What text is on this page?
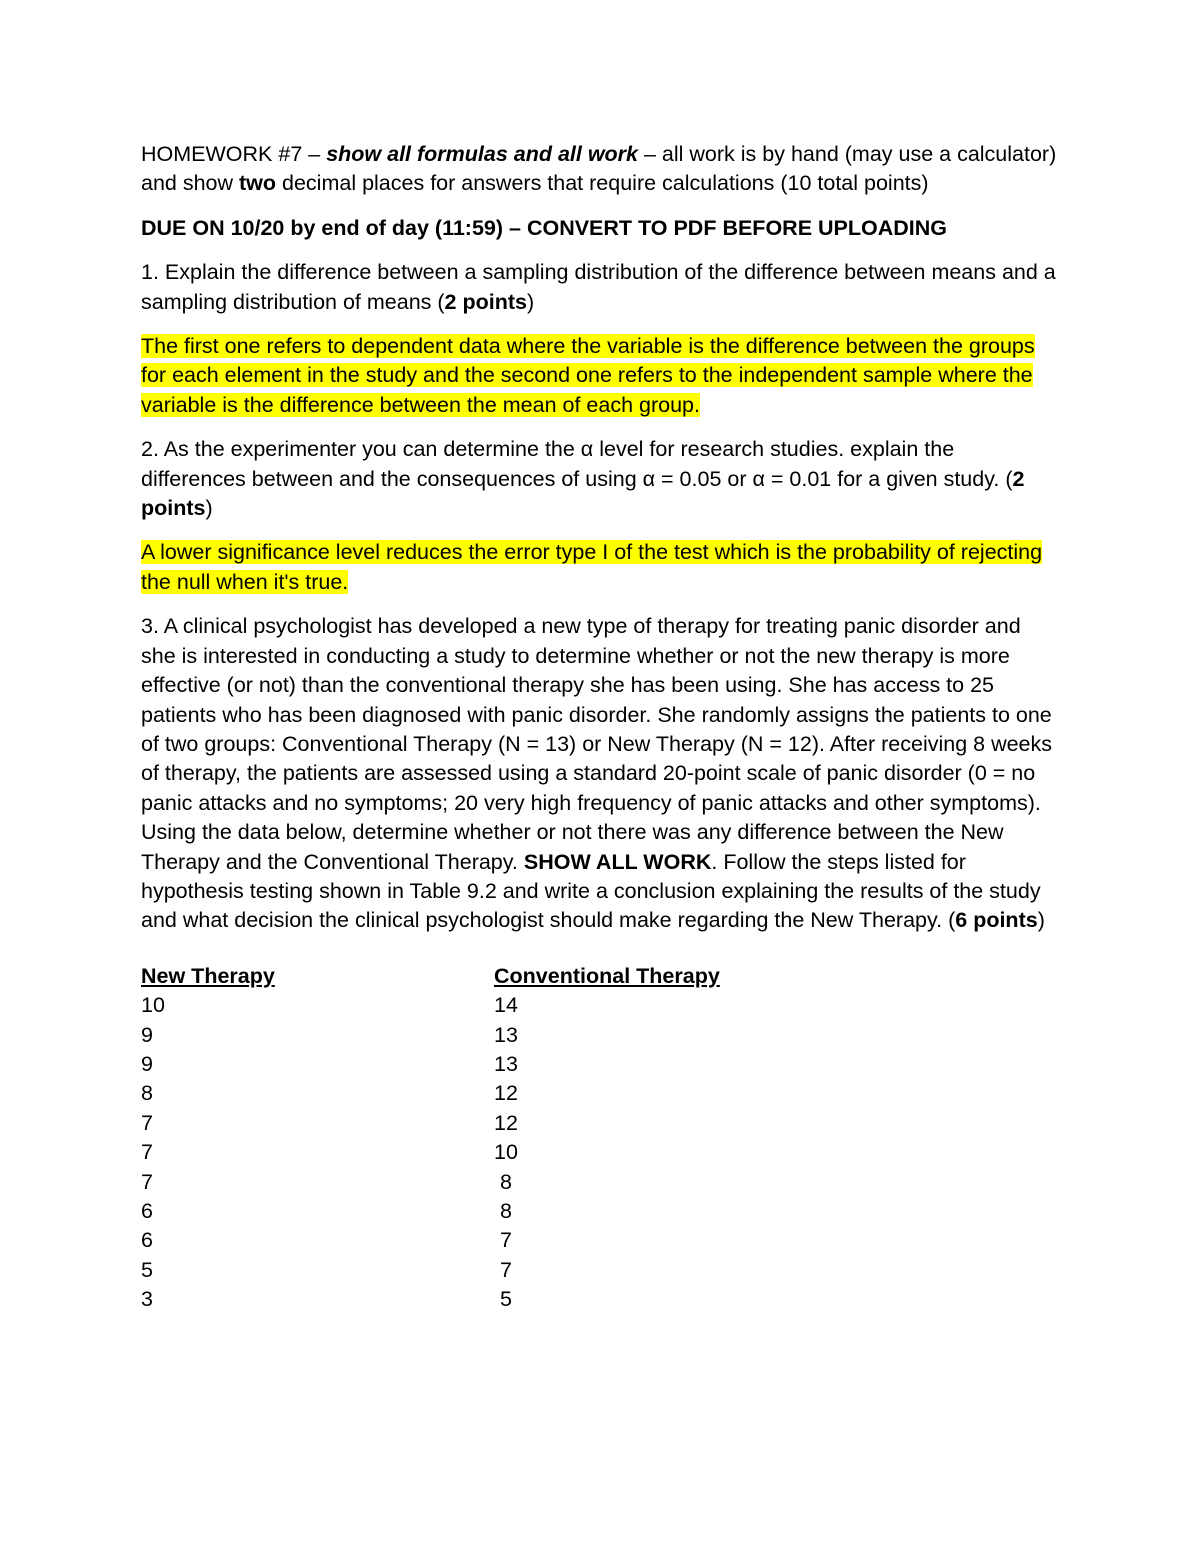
HOMEWORK #7 – show all formulas and all work – all work is by hand (may use a calculator) and show two decimal places for answers that require calculations (10 total points)

DUE ON 10/20 by end of day (11:59) – CONVERT TO PDF BEFORE UPLOADING

1. Explain the difference between a sampling distribution of the difference between means and a sampling distribution of means (2 points)

The first one refers to dependent data where the variable is the difference between the groups for each element in the study and the second one refers to the independent sample where the variable is the difference between the mean of each group.

2. As the experimenter you can determine the α level for research studies. explain the differences between and the consequences of using α = 0.05 or α = 0.01 for a given study. (2 points)

A lower significance level reduces the error type I of the test which is the probability of rejecting the null when it's true.

3. A clinical psychologist has developed a new type of therapy for treating panic disorder and she is interested in conducting a study to determine whether or not the new therapy is more effective (or not) than the conventional therapy she has been using. She has access to 25 patients who has been diagnosed with panic disorder. She randomly assigns the patients to one of two groups: Conventional Therapy (N = 13) or New Therapy (N = 12). After receiving 8 weeks of therapy, the patients are assessed using a standard 20-point scale of panic disorder (0 = no panic attacks and no symptoms; 20 very high frequency of panic attacks and other symptoms). Using the data below, determine whether or not there was any difference between the New Therapy and the Conventional Therapy. SHOW ALL WORK. Follow the steps listed for hypothesis testing shown in Table 9.2 and write a conclusion explaining the results of the study and what decision the clinical psychologist should make regarding the New Therapy. (6 points)

New Therapy
10
9
9
8
7
7
7
6
6
5
3
Conventional Therapy
14
13
13
12
12
10
8
8
7
7
5
